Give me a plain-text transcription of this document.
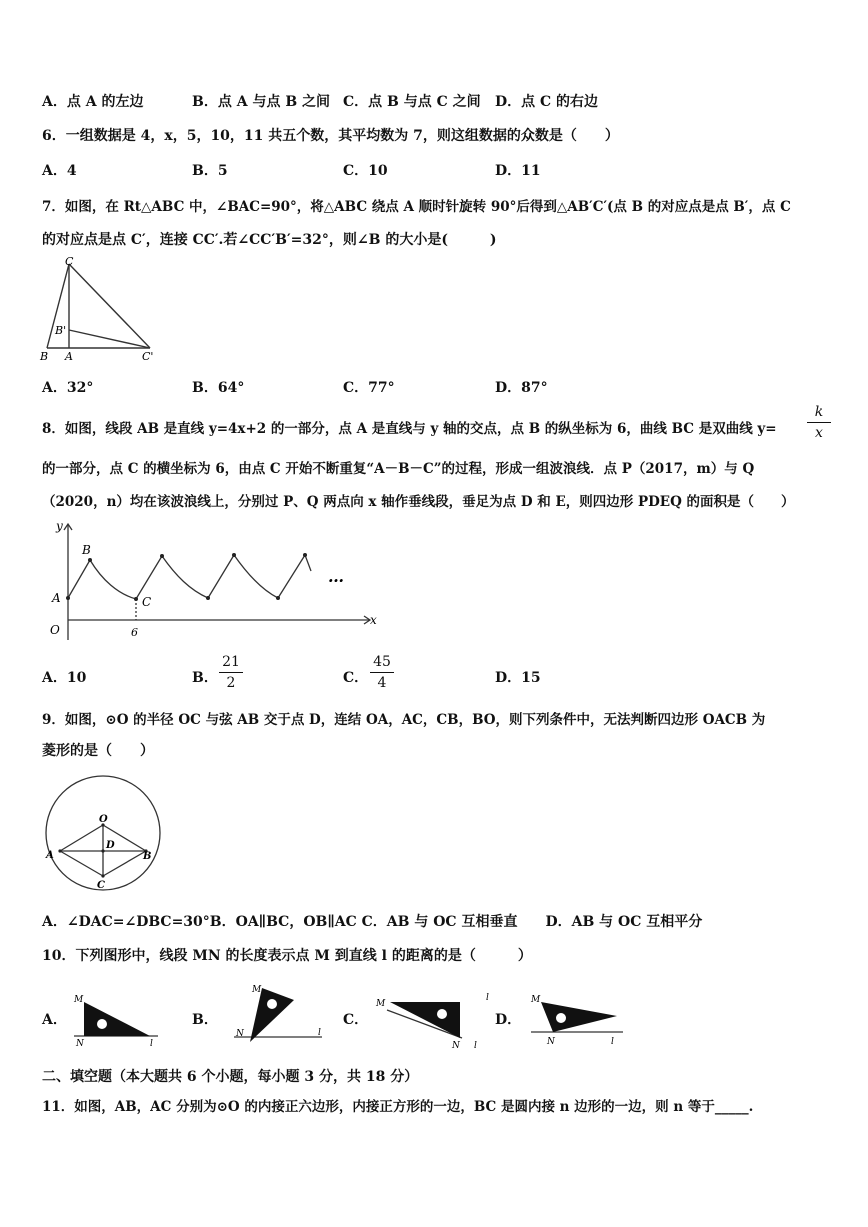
A．点 A 的左边	B．点 A 与点 B 之间 C．点 B 与点 C 之间 D．点 C 的右边
6．一组数据是 4，x，5，10，11 共五个数，其平均数为 7，则这组数据的众数是（　　）
A．4	B．5	C．10	D．11
7．如图，在 Rt△ABC 中，∠BAC=90°，将△ABC 绕点 A 顺时针旋转 90°后得到△AB′C′(点 B 的对应点是点 B′，点 C
的对应点是点 C′，连接 CC′.若∠CC′B′=32°，则∠B 的大小是(　　　)
C
B'
B A	C'
A．32°	B．64°	C．77°	D．87°
8．如图，线段 AB 是直线 y=4x+2 的一部分，点 A 是直线与 y 轴的交点，点 B 的纵坐标为 6，曲线 BC 是双曲线 y=
k
x
的一部分，点 C 的横坐标为 6，由点 C 开始不断重复“A－B－C”的过程，形成一组波浪线．点 P（2017，m）与 Q
（2020，n）均在该波浪线上，分别过 P、Q 两点向 x 轴作垂线段，垂足为点 D 和 E，则四边形 PDEQ 的面积是（　　）
y
x
O
A
B
C
6
…
A．10	B．
21
2	C．
45
4	D．15
9．如图，⊙O 的半径 OC 与弦 AB 交于点 D，连结 OA，AC，CB，BO，则下列条件中，无法判断四边形 OACB 为
菱形的是（　　）
O
A	B
C
D
A．∠DAC=∠DBC=30°B．OA∥BC，OB∥AC C．AB 与 OC 互相垂直　　D．AB 与 OC 互相平分
10．下列图形中，线段 MN 的长度表示点 M 到直线 l 的距离的是（　　　）
A．
M
N	l
B．
M
N	l
C．
M
N l
l
D．
M
N	l
二、填空题（本大题共 6 个小题，每小题 3 分，共 18 分）
11．如图，AB，AC 分别为⊙O 的内接正六边形，内接正方形的一边，BC 是圆内接 n 边形的一边，则 n 等于_____.
